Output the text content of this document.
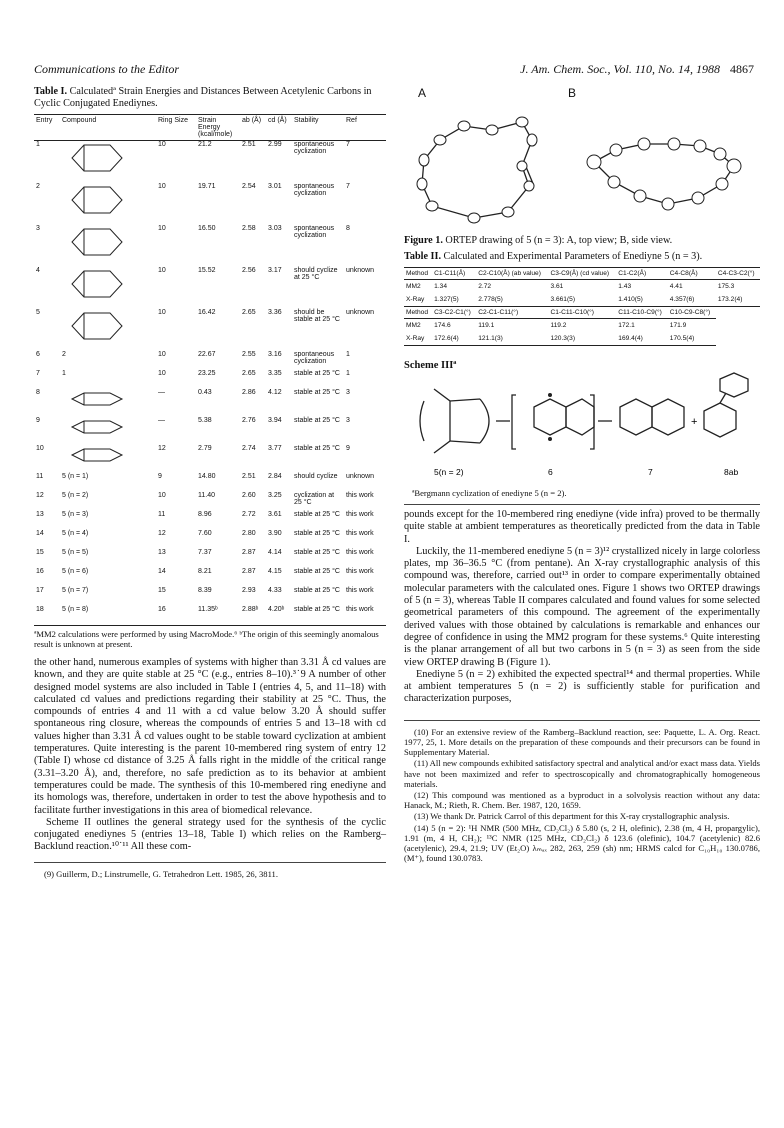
Communications to the Editor	J. Am. Chem. Soc., Vol. 110, No. 14, 1988 4867
Table I. Calculatedª Strain Energies and Distances Between Acetylenic Carbons in Cyclic Conjugated Enediynes.
Entry	Compound	Ring Size	Strain Energy (kcal/mole)	ab (Å)	cd (Å)	Stability	Ref
1		10	21.2	2.51	2.99	spontaneous cyclization	7
2		10	19.71	2.54	3.01	spontaneous cyclization	7
3		10	16.50	2.58	3.03	spontaneous cyclization	8
4		10	15.52	2.56	3.17	should cyclize at 25 °C	unknown
5		10	16.42	2.65	3.36	should be stable at 25 °C	unknown
6	2	10	22.67	2.55	3.16	spontaneous cyclization	1
7	1	10	23.25	2.65	3.35	stable at 25 °C	1
8		—	0.43	2.86	4.12	stable at 25 °C	3
9		—	5.38	2.76	3.94	stable at 25 °C	3
10		12	2.79	2.74	3.77	stable at 25 °C	9
11	5 (n = 1)	9	14.80	2.51	2.84	should cyclize	unknown
12	5 (n = 2)	10	11.40	2.60	3.25	cyclization at 25 °C	this work
13	5 (n = 3)	11	8.96	2.72	3.61	stable at 25 °C	this work
14	5 (n = 4)	12	7.60	2.80	3.90	stable at 25 °C	this work
15	5 (n = 5)	13	7.37	2.87	4.14	stable at 25 °C	this work
16	5 (n = 6)	14	8.21	2.87	4.15	stable at 25 °C	this work
17	5 (n = 7)	15	8.39	2.93	4.33	stable at 25 °C	this work
18	5 (n = 8)	16	11.35ᵇ	2.88ᵇ	4.20ᵇ	stable at 25 °C	this work
ªMM2 calculations were performed by using MacroMode.⁶ ᵇThe origin of this seemingly anomalous result is unknown at present.

the other hand, numerous examples of systems with higher than 3.31 Å cd values are known, and they are quite stable at 25 °C (e.g., entries 8–10).³˙9 A number of other designed model systems are also included in Table I (entries 4, 5, and 11–18) with calculated cd values and predictions regarding their stability at 25 °C. Thus, the compounds of entries 4 and 11 with a cd value below 3.20 Å should suffer spontaneous ring closure, whereas the compounds of entries 5 and 13–18 with cd values higher than 3.31 Å cd values ought to be stable toward cyclization at ambient temperatures. Quite interesting is the parent 10-membered ring system of entry 12 (Table I) whose cd distance of 3.25 Å falls right in the middle of the critical range (3.31–3.20 Å), and, therefore, no safe prediction as to its behavior at ambient temperatures could be made. The synthesis of this 10-membered ring enediyne and its homologs was, therefore, undertaken in order to test the above hypothesis and to facilitate further investigations in this area of biomedical relevance.

Scheme II outlines the general strategy used for the synthesis of the cyclic conjugated enediynes 5 (entries 13–18, Table I) which relies on the Ramberg–Backlund reaction.¹⁰˙¹¹ All these com-

(9) Guillerm, D.; Linstrumelle, G. Tetrahedron Lett. 1985, 26, 3811.

A	B
Figure 1. ORTEP drawing of 5 (n = 3): A, top view; B, side view.
Table II. Calculated and Experimental Parameters of Enediyne 5 (n = 3).
Method	C1-C11(Å)	C2-C10(Å) (ab value)	C3-C9(Å) (cd value)	C1-C2(Å)	C4-C8(Å)	C4-C3-C2(°)
MM2	1.34	2.72	3.61	1.43	4.41	175.3
X-Ray	1.327(5)	2.778(5)	3.661(5)	1.410(5)	4.357(6)	173.2(4)
Method	C3-C2-C1(°)	C2-C1-C11(°)	C1-C11-C10(°)	C11-C10-C9(°)	C10-C9-C8(°)	
MM2	174.6	119.1	119.2	172.1	171.9	
X-Ray	172.6(4)	121.1(3)	120.3(3)	169.4(4)	170.5(4)	
Scheme IIIª
+
5(n = 2)	6	7	8ab
ªBergmann cyclization of enediyne 5 (n = 2).

pounds except for the 10-membered ring enediyne (vide infra) proved to be thermally quite stable at ambient temperatures as theoretically predicted from the data in Table I.

Luckily, the 11-membered enediyne 5 (n = 3)¹² crystallized nicely in large colorless plates, mp 36–36.5 °C (from pentane). An X-ray crystallographic analysis of this compound was, therefore, carried out¹³ in order to compare experimentally obtained molecular parameters with the calculated ones. Figure 1 shows two ORTEP drawings of 5 (n = 3), whereas Table II compares calculated and found values for some selected geometrical parameters of this compound. The agreement of the experimentally derived values with those obtained by calculations is remarkable and enhances our degree of confidence in using the MM2 program for these systems.⁶ Quite interesting is the planar arrangement of all but two carbons in 5 (n = 3) as seen from the side view ORTEP drawing B (Figure 1).

Enediyne 5 (n = 2) exhibited the expected spectral¹⁴ and thermal properties. While at ambient temperatures 5 (n = 2) is sufficiently stable for purification and characterization purposes,

(10) For an extensive review of the Ramberg–Backlund reaction, see: Paquette, L. A. Org. React. 1977, 25, 1. More details on the preparation of these compounds and their precursors can be found in Supplementary Material.

(11) All new compounds exhibited satisfactory spectral and analytical and/or exact mass data. Yields have not been maximized and refer to spectroscopically and chromatographically homogeneous materials.

(12) This compound was mentioned as a byproduct in a solvolysis reaction without any data: Hanack, M.; Rieth, R. Chem. Ber. 1987, 120, 1659.

(13) We thank Dr. Patrick Carrol of this department for this X-ray crystallographic analysis.

(14) 5 (n = 2): ¹H NMR (500 MHz, CD₂Cl₂) δ 5.80 (s, 2 H, olefinic), 2.38 (m, 4 H, propargylic), 1.91 (m, 4 H, CH₂); ¹³C NMR (125 MHz, CD₂Cl₂) δ 123.6 (olefinic), 104.7 (acetylenic) 82.6 (acetylenic), 29.4, 21.9; UV (Et₂O) λₘₐₓ 282, 263, 259 (sh) nm; HRMS calcd for C₁₀H₁₀ 130.0786, (M⁺), found 130.0783.
